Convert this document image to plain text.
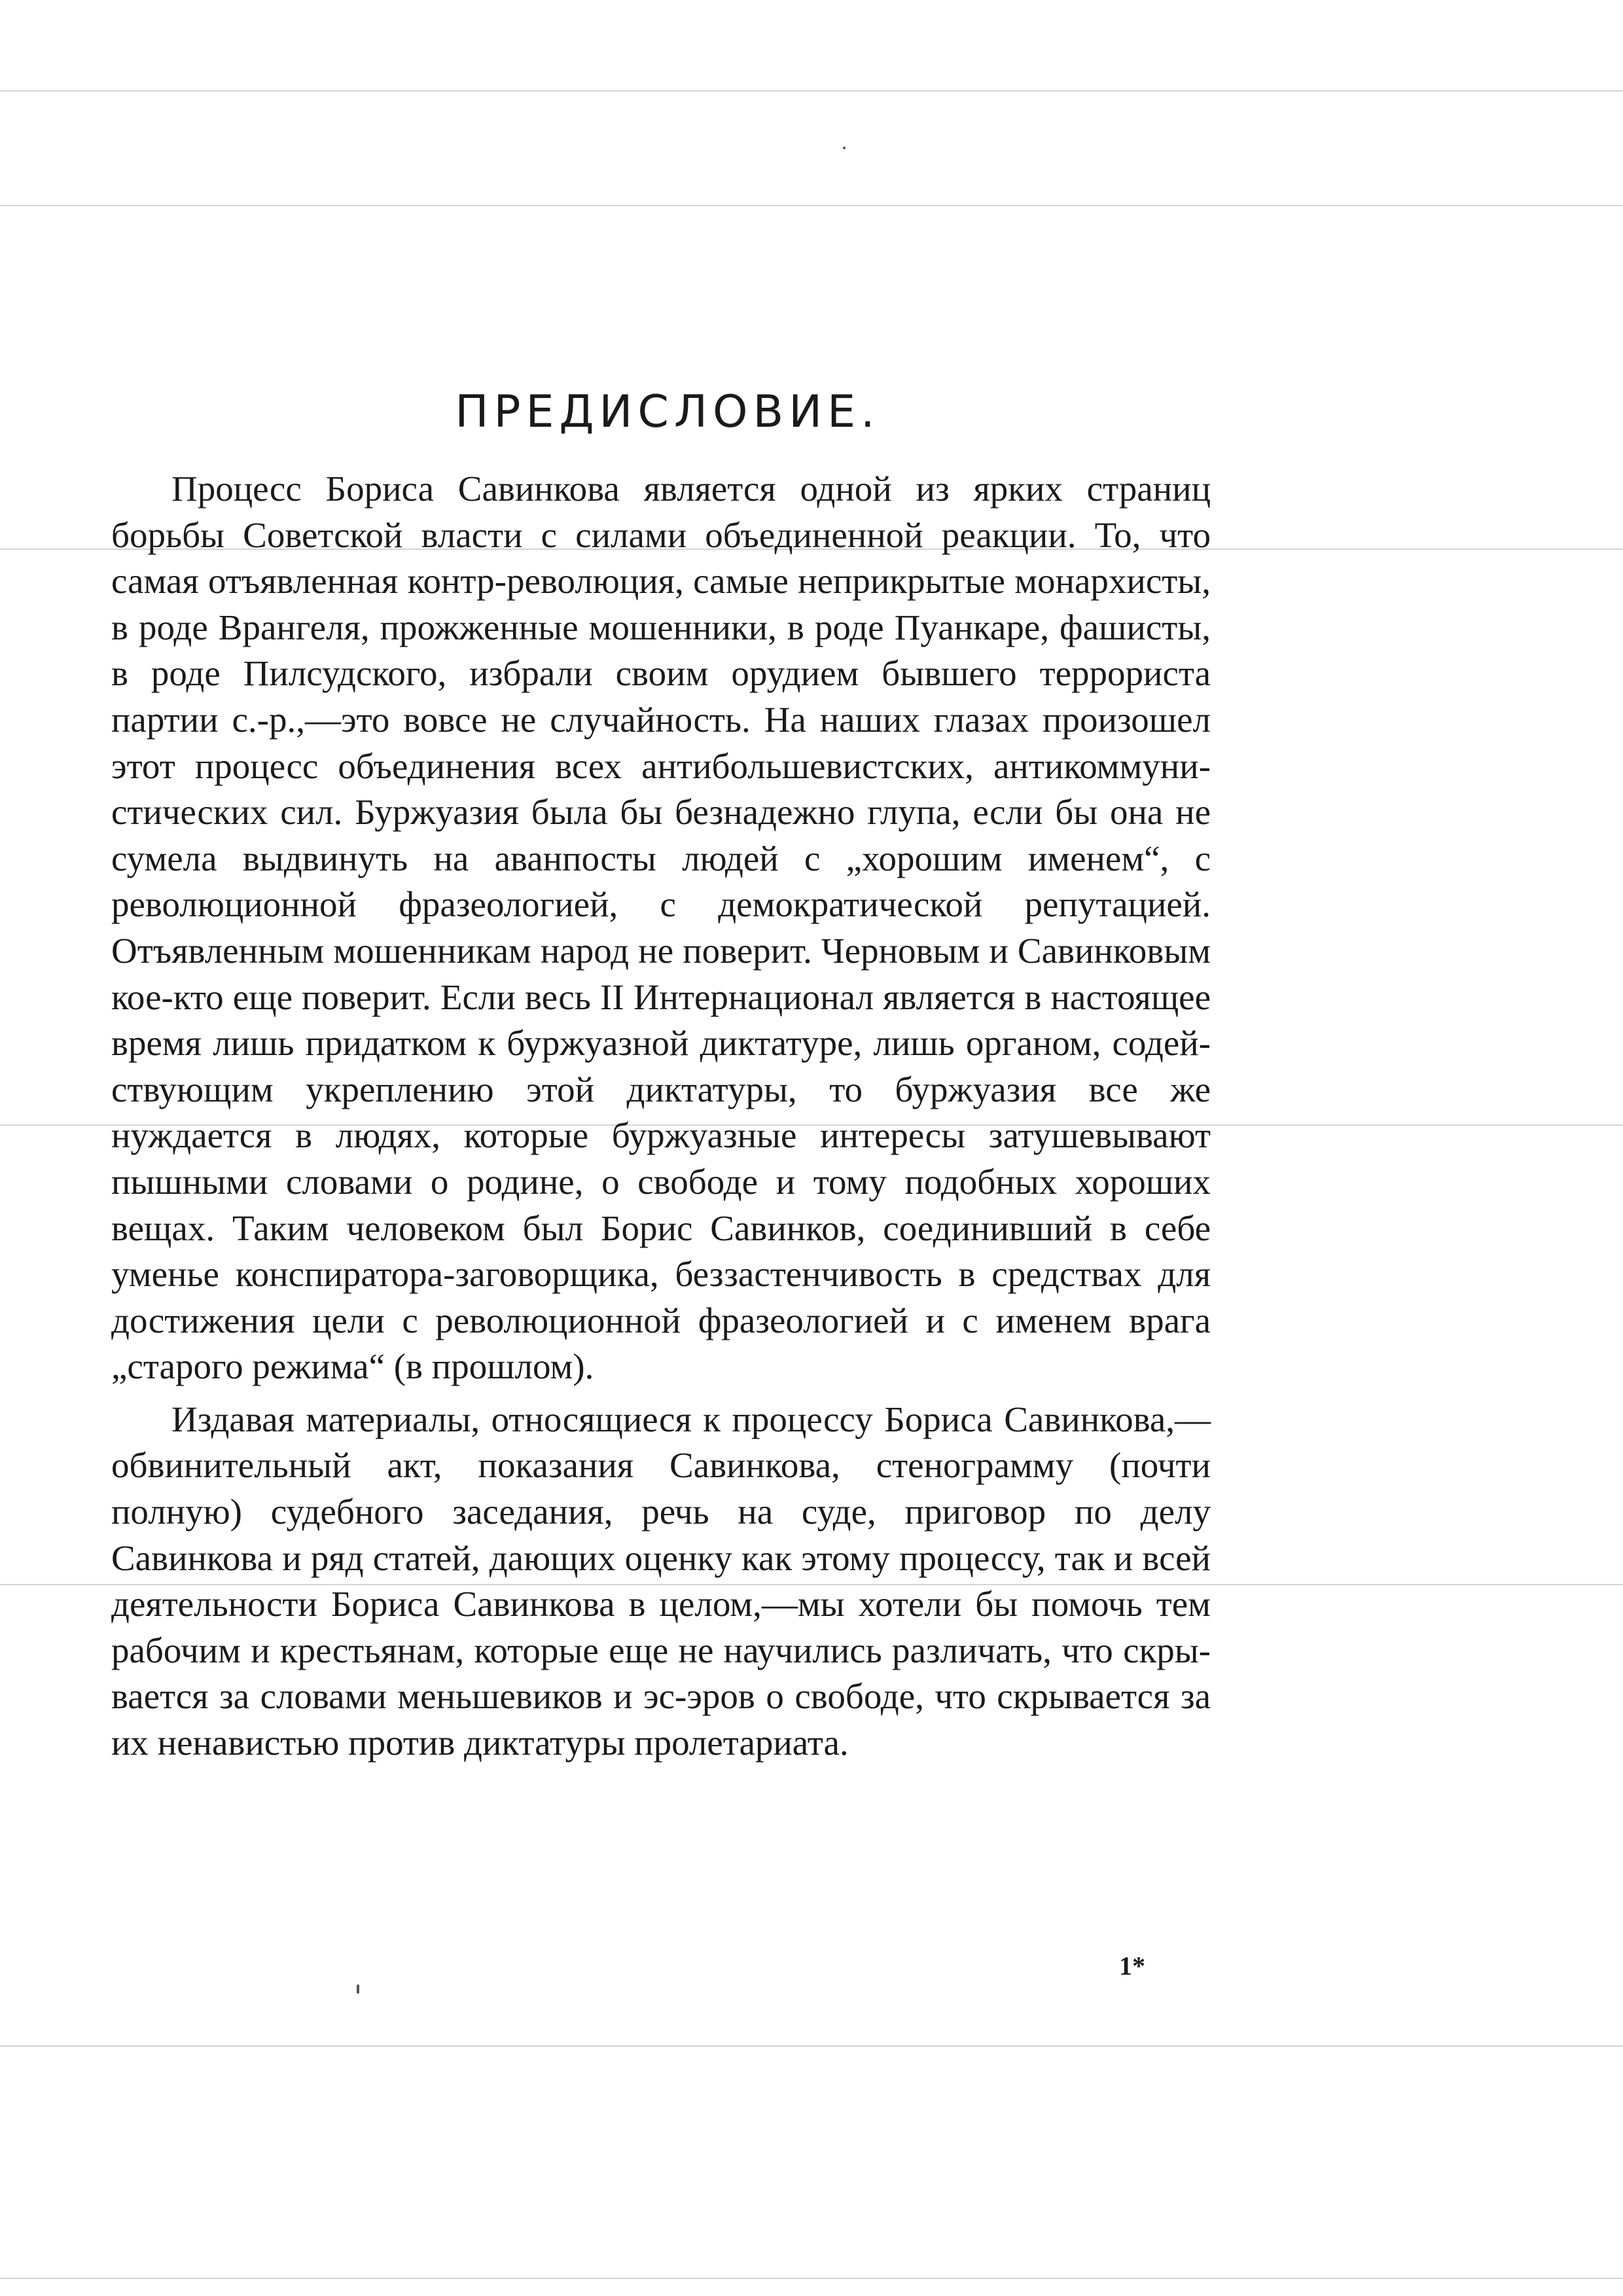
ПРЕДИСЛОВИЕ.

Процесс Бориса Савинкова является одной из ярких страниц борьбы Советской власти с силами объединенной реакции. То, что самая отъявленная контр-революция, самые неприкрытые монархисты, в роде Врангеля, прожженные мошенники, в роде Пуанкаре, фашисты, в роде Пилсудского, избрали своим орудием бывшего террориста партии с.-р.,—это вовсе не случайность. На наших глазах произошел этот процесс объединения всех антибольшевистских, антикоммунистических сил. Буржуазия была бы безнадежно глупа, если бы она не сумела выдвинуть на аванпосты людей с „хорошим именем“, с революционной фразеологией, с демократической репутацией. Отъявленным мошенникам народ не поверит. Черновым и Савинковым кое-кто еще поверит. Если весь II Интернационал является в настоящее время лишь придатком к буржуазной диктатуре, лишь органом, содействующим укреплению этой диктатуры, то буржуазия все же нуждается в людях, которые буржуазные интересы затушевывают пышными словами о родине, о свободе и тому подобных хороших вещах. Таким человеком был Борис Савинков, соединивший в себе уменье конспиратора-заговорщика, беззастенчивость в средствах для достижения цели с революционной фразеологией и с именем врага „старого режима“ (в прошлом).

Издавая материалы, относящиеся к процессу Бориса Савинкова,—обвинительный акт, показания Савинкова, стенограмму (почти полную) судебного заседания, речь на суде, приговор по делу Савинкова и ряд статей, дающих оценку как этому процессу, так и всей деятельности Бориса Савинкова в целом,—мы хотели бы помочь тем рабочим и крестьянам, которые еще не научились различать, что скрывается за словами меньшевиков и эс-эров о свободе, что скрывается за их ненавистью против диктатуры пролетариата.

1*
